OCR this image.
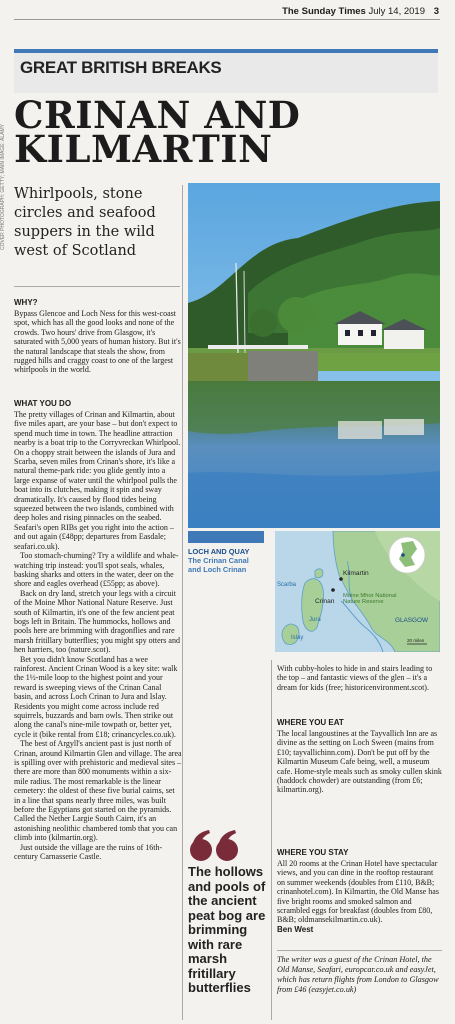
The Sunday Times July 14, 2019 3
COVER PHOTOGRAPH: GETTY; MAIN IMAGE: ALAMY
GREAT BRITISH BREAKS
CRINAN AND
KILMARTIN
Whirlpools, stone circles and seafood suppers in the wild west of Scotland
WHY?

Bypass Glencoe and Loch Ness for this west-coast spot, which has all the good looks and none of the crowds. Two hours' drive from Glasgow, it's saturated with 5,000 years of human history. But it's the natural landscape that steals the show, from rugged hills and craggy coast to one of the largest whirlpools in the world.

WHAT YOU DO

The pretty villages of Crinan and Kilmartin, about five miles apart, are your base – but don't expect to spend much time in town. The headline attraction nearby is a boat trip to the Corryvreckan Whirlpool. On a choppy strait between the islands of Jura and Scarba, seven miles from Crinan's shore, it's like a natural theme-park ride: you glide gently into a large expanse of water until the whirlpool pulls the boat into its clutches, making it spin and sway dramatically. It's caused by flood tides being squeezed between the two islands, combined with deep holes and rising pinnacles on the seabed. Seafari's open RIBs get you right into the action – and out again (£48pp; departures from Easdale; seafari.co.uk).

Too stomach-churning? Try a wildlife and whale-watching trip instead: you'll spot seals, whales, basking sharks and otters in the water, deer on the shore and eagles overhead (£55pp; as above).

Back on dry land, stretch your legs with a circuit of the Moine Mhor National Nature Reserve. Just south of Kilmartin, it's one of the few ancient peat bogs left in Britain. The hummocks, hollows and pools here are brimming with dragonflies and rare marsh fritillary butterflies; you might spy otters and hen harriers, too (nature.scot).

Bet you didn't know Scotland has a wee rainforest. Ancient Crinan Wood is a key site: walk the 1½-mile loop to the highest point and your reward is sweeping views of the Crinan Canal basin, and across Loch Crinan to Jura and Islay. Residents you might come across include red squirrels, buzzards and barn owls. Then strike out along the canal's nine-mile towpath or, better yet, cycle it (bike rental from £18; crinancycles.co.uk).

The best of Argyll's ancient past is just north of Crinan, around Kilmartin Glen and village. The area is spilling over with prehistoric and medieval sites – there are more than 800 monuments within a six-mile radius. The most remarkable is the linear cemetery: the oldest of these five burial cairns, set in a line that spans nearly three miles, was built before the Egyptians got started on the pyramids. Called the Nether Largie South Cairn, it's an astonishing neolithic chambered tomb that you can climb into (kilmartin.org).

Just outside the village are the ruins of 16th-century Carnasserie Castle.

LOCH AND QUAY
The Crinan Canal
and Loch Crinan	Kilmartin
Scarba
Crinan
Moine Mhor National
Nature Reserve
Jura
Islay
GLASGOW
20 miles

With cubby-holes to hide in and stairs leading to the top – and fantastic views of the glen – it's a dream for kids (free; historicenvironment.scot).

WHERE YOU EAT

The local langoustines at the Tayvallich Inn are as divine as the setting on Loch Sween (mains from £10; tayvallichinn.com). Don't be put off by the Kilmartin Museum Cafe being, well, a museum cafe. Home-style meals such as smoky cullen skink (haddock chowder) are outstanding (from £6; kilmartin.org).

WHERE YOU STAY

All 20 rooms at the Crinan Hotel have spectacular views, and you can dine in the rooftop restaurant on summer weekends (doubles from £110, B&B; crinanhotel.com). In Kilmartin, the Old Manse has five bright rooms and smoked salmon and scrambled eggs for breakfast (doubles from £80, B&B; oldmansekilmartin.co.uk).

Ben West

The writer was a guest of the Crinan Hotel, the Old Manse, Seafari, europcar.co.uk and easyJet, which has return flights from London to Glasgow from £46 (easyjet.co.uk)
The hollows and pools of the ancient peat bog are brimming with rare marsh fritillary butterflies
